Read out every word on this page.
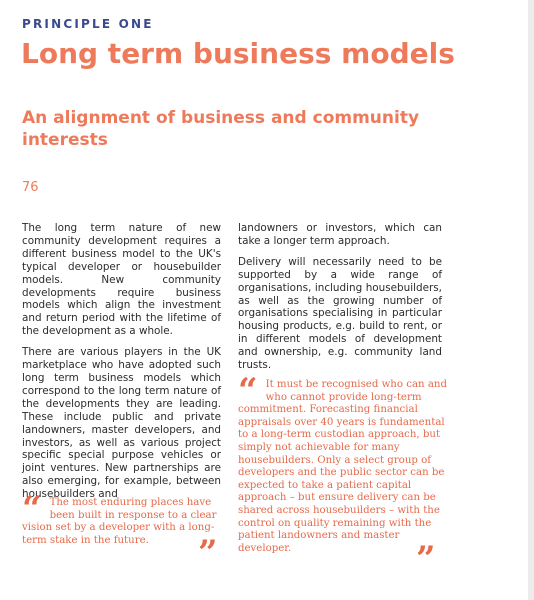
PRINCIPLE ONE
Long term business models
An alignment of business and community interests
76

The long term nature of new community development requires a different business model to the UK's typical developer or housebuilder models. New community developments require business models which align the investment and return period with the lifetime of the development as a whole.

There are various players in the UK marketplace who have adopted such long term business models which correspond to the long term nature of the developments they are leading. These include public and private landowners, master developers, and investors, as well as various project specific special purpose vehicles or joint ventures. New partnerships are also emerging, for example, between housebuilders and

landowners or investors, which can take a longer term approach.

Delivery will necessarily need to be supported by a wide range of organisations, including housebuilders, as well as the growing number of organisations specialising in particular housing products, e.g. build to rent, or in different models of development and ownership, e.g. community land trusts.

“ It must be recognised who can and who cannot provide long-term commitment. Forecasting financial appraisals over 40 years is fundamental to a long-term custodian approach, but simply not achievable for many housebuilders. Only a select group of developers and the public sector can be expected to take a patient capital approach – but ensure delivery can be shared across housebuilders – with the control on quality remaining with the patient landowners and master developer.	”
“ The most enduring places have been built in response to a clear vision set by a developer with a long-term stake in the future. ”
